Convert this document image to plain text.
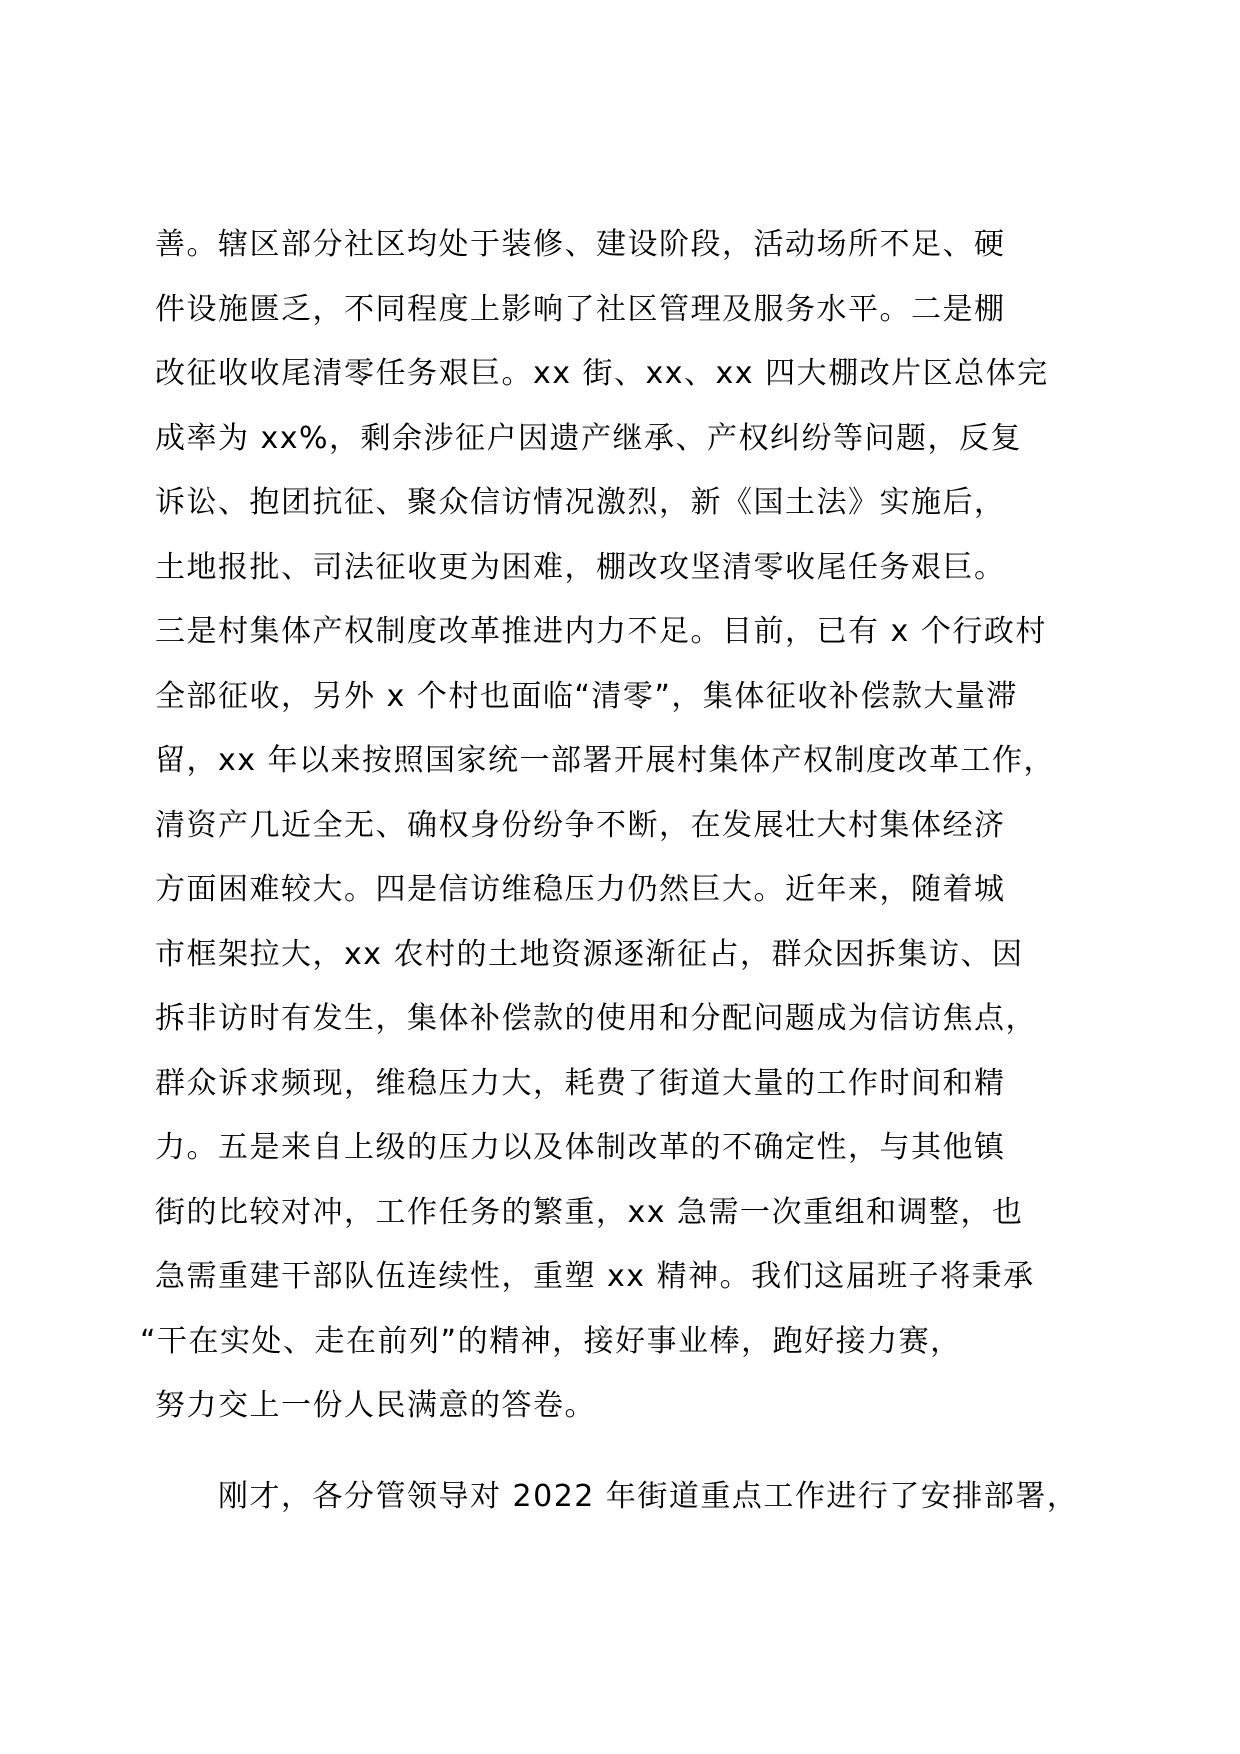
善。辖区部分社区均处于装修、建设阶段，活动场所不足、硬
件设施匮乏，不同程度上影响了社区管理及服务水平。二是棚
改征收收尾清零任务艰巨。xx 街、xx、xx 四大棚改片区总体完
成率为 xx%，剩余涉征户因遗产继承、产权纠纷等问题，反复
诉讼、抱团抗征、聚众信访情况激烈，新《国土法》实施后，
土地报批、司法征收更为困难，棚改攻坚清零收尾任务艰巨。
三是村集体产权制度改革推进内力不足。目前，已有 x 个行政村
全部征收，另外 x 个村也面临“清零”，集体征收补偿款大量滞
留，xx 年以来按照国家统一部署开展村集体产权制度改革工作，
清资产几近全无、确权身份纷争不断，在发展壮大村集体经济
方面困难较大。四是信访维稳压力仍然巨大。近年来，随着城
市框架拉大，xx 农村的土地资源逐渐征占，群众因拆集访、因
拆非访时有发生，集体补偿款的使用和分配问题成为信访焦点，
群众诉求频现，维稳压力大，耗费了街道大量的工作时间和精
力。五是来自上级的压力以及体制改革的不确定性，与其他镇
街的比较对冲，工作任务的繁重，xx 急需一次重组和调整，也
急需重建干部队伍连续性，重塑 xx 精神。我们这届班子将秉承
“干在实处、走在前列”的精神，接好事业棒，跑好接力赛，
努力交上一份人民满意的答卷。
刚才，各分管领导对 2022 年街道重点工作进行了安排部署，
